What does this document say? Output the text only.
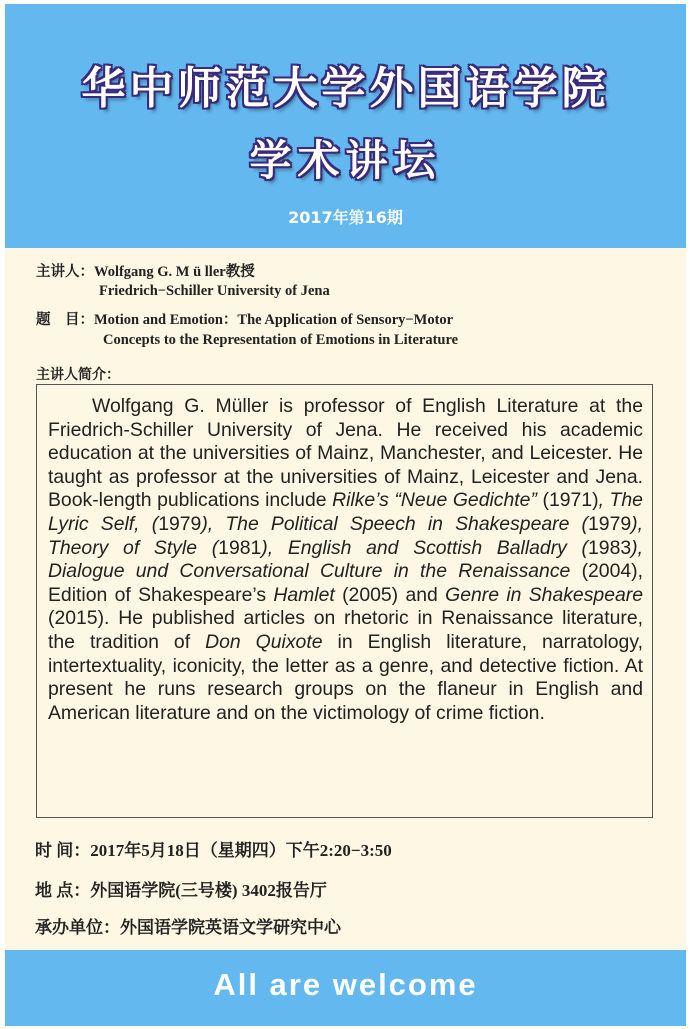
华中师范大学外国语学院
学术讲坛
2017年第16期
主讲人：Wolfgang G. M ü ller教授
Friedrich−Schiller University of Jena
题　目：Motion and Emotion：The Application of Sensory−Motor
Concepts to the Representation of Emotions in Literature
主讲人简介：
Wolfgang G. Müller is professor of English Literature at the Friedrich-Schiller University of Jena. He received his academic education at the universities of Mainz, Manchester, and Leicester. He taught as professor at the universities of Mainz, Leicester and Jena. Book-length publications include Rilke’s “Neue Gedichte” (1971), The Lyric Self, (1979), The Political Speech in Shakespeare (1979), Theory of Style (1981), English and Scottish Balladry (1983), Dialogue und Conversational Culture in the Renaissance (2004), Edition of Shakespeare’s Hamlet (2005) and Genre in Shakespeare (2015). He published articles on rhetoric in Renaissance literature, the tradition of Don Quixote in English literature, narratology, intertextuality, iconicity, the letter as a genre, and detective fiction. At present he runs research groups on the flaneur in English and American literature and on the victimology of crime fiction.
时 间：2017年5月18日（星期四）下午2:20−3:50
地 点：外国语学院(三号楼) 3402报告厅
承办单位：外国语学院英语文学研究中心
All are welcome
